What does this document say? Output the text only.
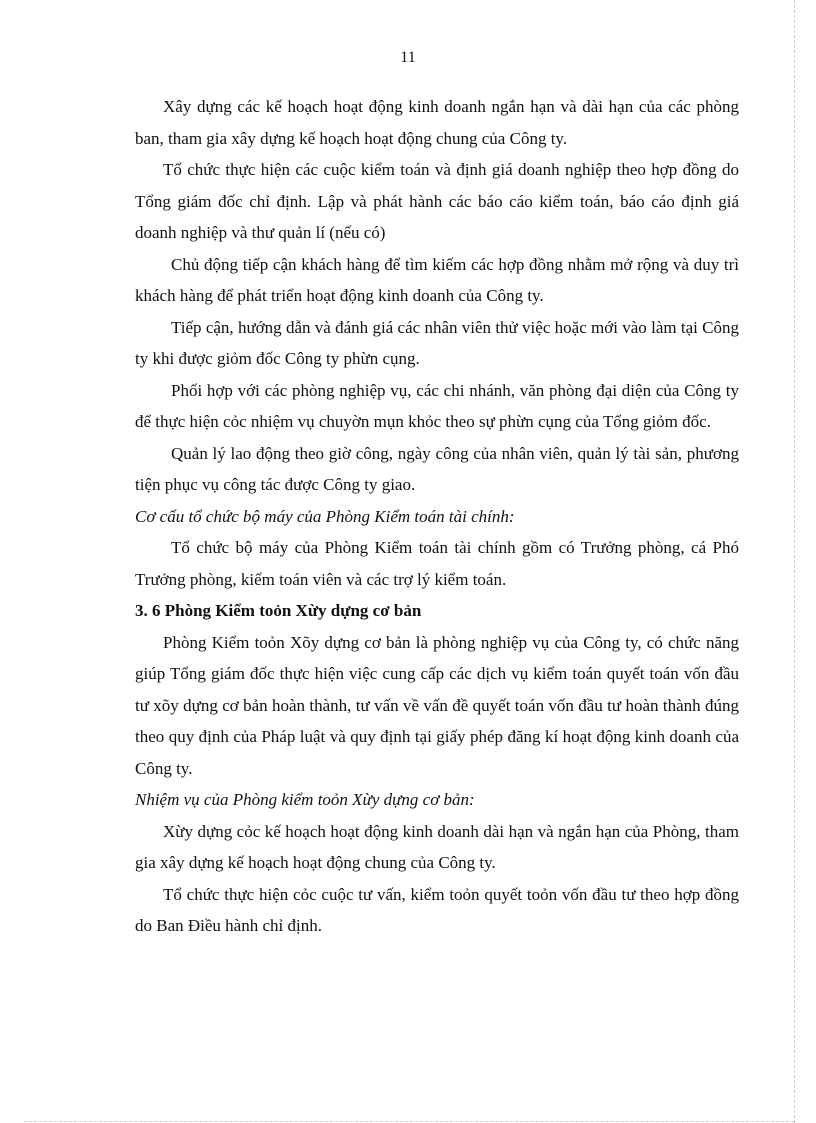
11

Xây dựng các kế hoạch hoạt động kinh doanh ngắn hạn và dài hạn của các phòng ban, tham gia xây dựng kế hoạch hoạt động chung của Công ty.

Tổ chức thực hiện các cuộc kiểm toán và định giá doanh nghiệp theo hợp đồng do Tổng giám đốc chỉ định. Lập và phát hành các báo cáo kiểm toán, báo cáo định giá doanh nghiệp và thư quản lí (nếu có)

Chủ động tiếp cận khách hàng để tìm kiếm các hợp đồng nhằm mở rộng và duy trì khách hàng để phát triển hoạt động kinh doanh của Công ty.

Tiếp cận, hướng dẫn và đánh giá các nhân viên thử việc hoặc mới vào làm tại Công ty khi được giỏm đốc Công ty phừn cụng.

Phối hợp với các phòng nghiệp vụ, các chi nhánh, văn phòng đại diện của Công ty để thực hiện cỏc nhiệm vụ chuyờn mụn khỏc theo sự phừn cụng của Tổng giỏm đốc.

Quản lý lao động theo giờ công, ngày công của nhân viên, quản lý tài sản, phương tiện phục vụ công tác được Công ty giao.

Cơ cấu tổ chức bộ máy của Phòng Kiểm toán tài chính:

Tổ chức bộ máy của Phòng Kiểm toán tài chính gồm có Trưởng phòng, cá Phó Trưởng phòng, kiểm toán viên và các trợ lý kiểm toán.

3. 6 Phòng Kiểm toỏn Xừy dựng cơ bản

Phòng Kiểm toỏn Xõy dựng cơ bản là phòng nghiệp vụ của Công ty, có chức năng giúp Tổng giám đốc thực hiện việc cung cấp các dịch vụ kiểm toán quyết toán vốn đầu tư xõy dựng cơ bản hoàn thành, tư vấn về vấn đề quyết toán vốn đầu tư hoàn thành đúng theo quy định của Pháp luật và quy định tại giấy phép đăng kí hoạt động kinh doanh của Công ty.

Nhiệm vụ của Phòng kiểm toỏn Xừy dựng cơ bản:

Xừy dựng cỏc kế hoạch hoạt động kinh doanh dài hạn và ngắn hạn của Phòng, tham gia xây dựng kế hoạch hoạt động chung của Công ty.

Tổ chức thực hiện cỏc cuộc tư vấn, kiểm toỏn quyết toỏn vốn đầu tư theo hợp đồng do Ban Điều hành chỉ định.
